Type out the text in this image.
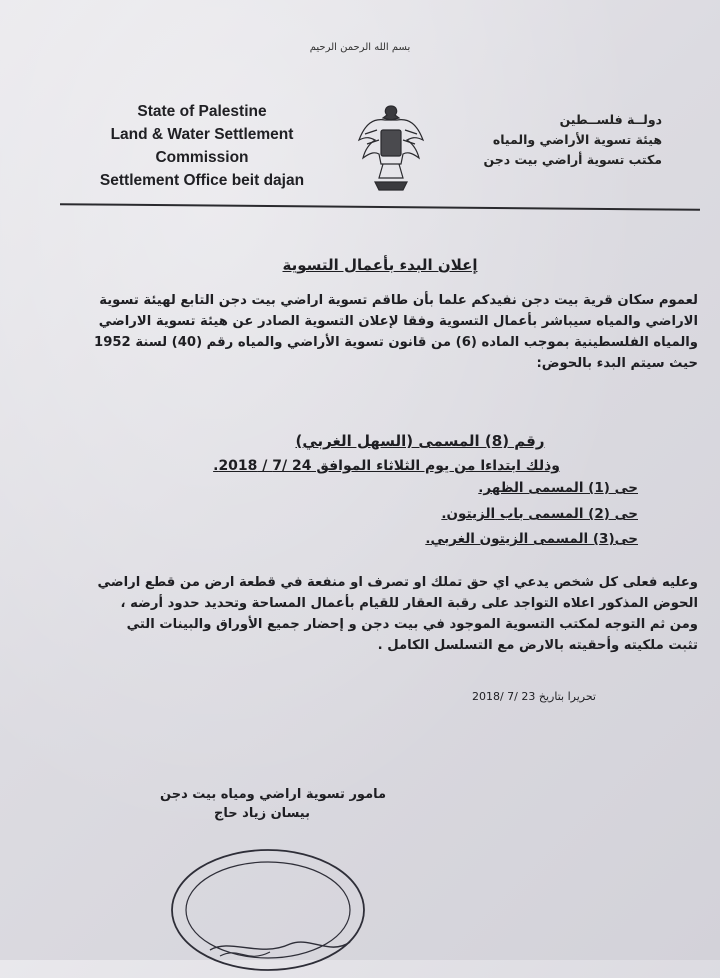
بسم الله الرحمن الرحيم
State of Palestine
Land & Water Settlement
Commission
Settlement Office beit dajan
دولــة فلســطين
هيئة تسوية الأراضي والمياه
مكتب تسوية أراضي بيت دجن
إعلان البدء بأعمال التسوية
لعموم سكان قرية بيت دجن نفيدكم علما بأن طاقم تسوية اراضي بيت دجن التابع لهيئة تسوية
الاراضي والمياه سيباشر بأعمال التسوية وفقا لإعلان التسوية الصادر عن هيئة تسوية الاراضي
والمياه الفلسطينية بموجب الماده (6) من قانون تسوية الأراضي والمياه رقم (40) لسنة 1952
حيث سيتم البدء بالحوض:
رقم (8) المسمى (السهل الغربي)
وذلك ابتداءا من يوم الثلاثاء الموافق 24 /7 / 2018.
حى (1) المسمى الظهر.
حى (2) المسمى باب الزيتون.
حى(3) المسمى الزيتون الغربي.
وعليه فعلى كل شخص يدعي اي حق تملك او تصرف او منفعة في قطعة ارض من قطع اراضي
الحوض المذكور اعلاه التواجد على رقبة العقار للقيام بأعمال المساحة وتحديد حدود أرضه ،
ومن ثم التوجه لمكتب التسوية الموجود في بيت دجن و إحضار جميع الأوراق والبينات التي
تثبت ملكيته وأحقيته بالارض مع التسلسل الكامل .
تحريرا بتاريخ 23 /7 /2018
مامور تسوية اراضي ومياه بيت دجن
بيسان زياد حاج
